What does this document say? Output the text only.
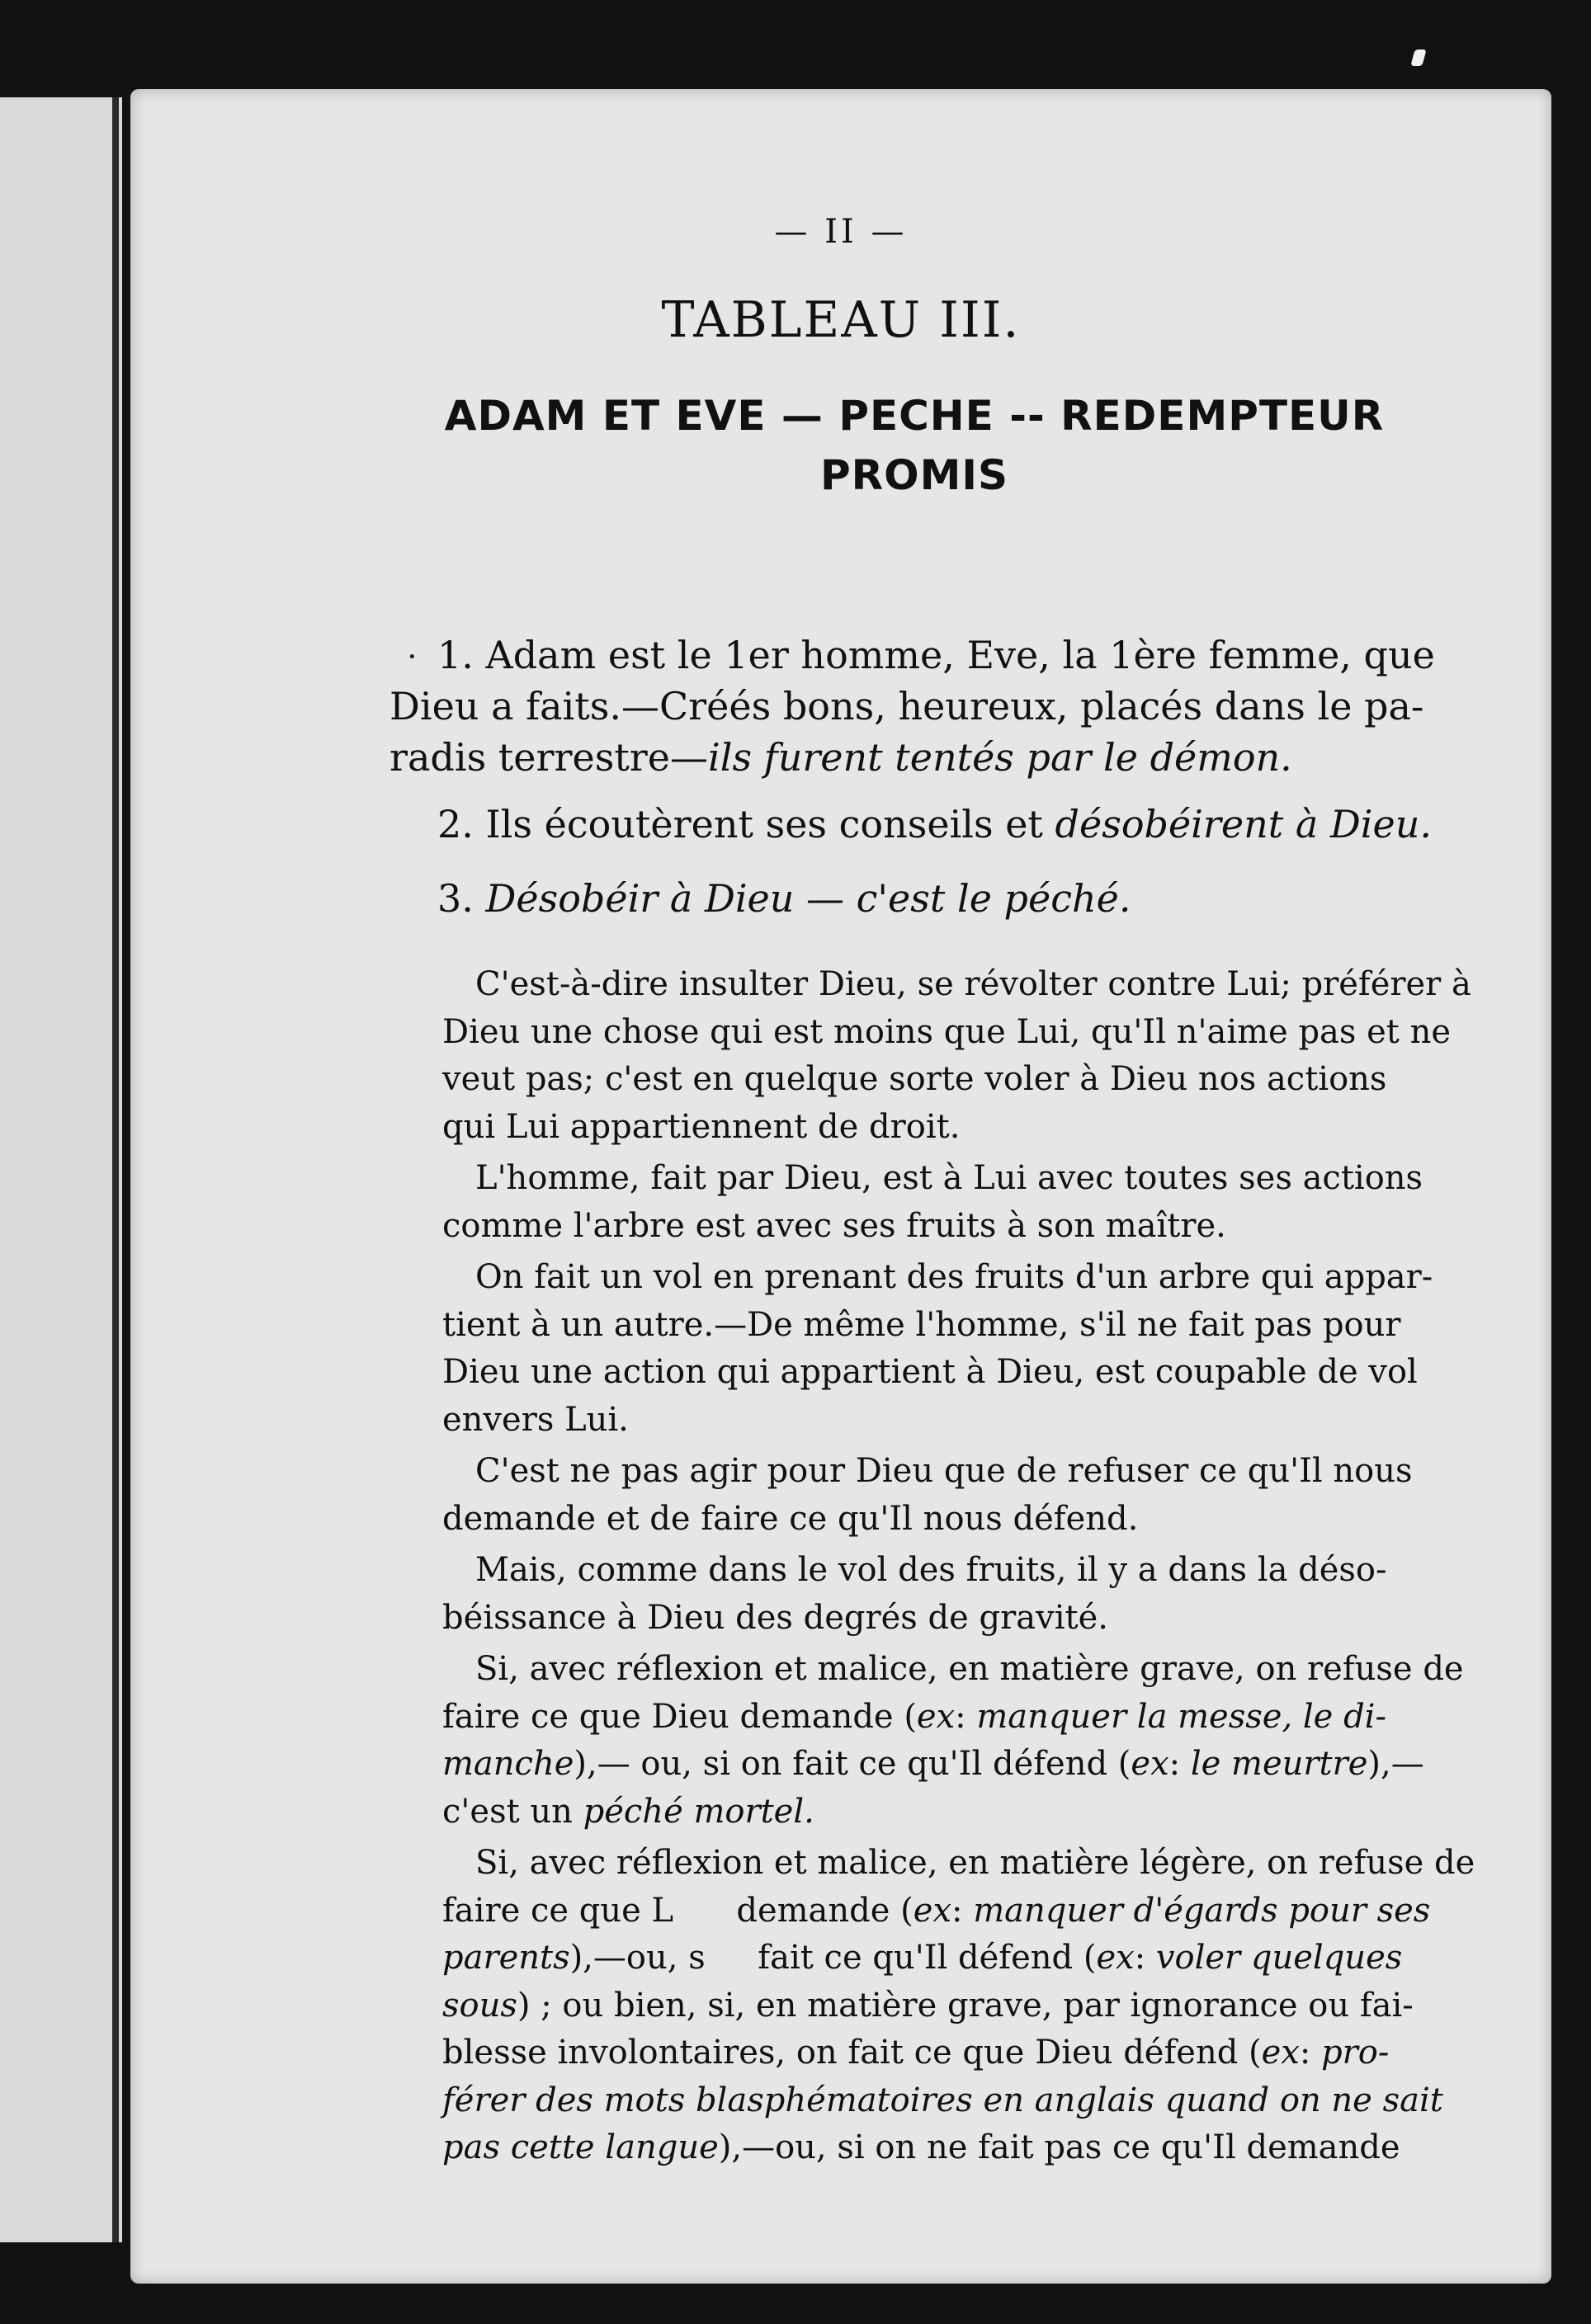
— II —
TABLEAU III.
ADAM ET EVE — PECHE -- REDEMPTEUR
PROMIS
• 1. Adam est le 1er homme, Eve, la 1ère femme, que
Dieu a faits.—Créés bons, heureux, placés dans le pa-
radis terrestre—ils furent tentés par le démon.
2. Ils écoutèrent ses conseils et désobéirent à Dieu.
3. Désobéir à Dieu — c'est le péché.
C'est-à-dire insulter Dieu, se révolter contre Lui; préférer à
Dieu une chose qui est moins que Lui, qu'Il n'aime pas et ne
veut pas; c'est en quelque sorte voler à Dieu nos actions
qui Lui appartiennent de droit.
L'homme, fait par Dieu, est à Lui avec toutes ses actions
comme l'arbre est avec ses fruits à son maître.
On fait un vol en prenant des fruits d'un arbre qui appar-
tient à un autre.—De même l'homme, s'il ne fait pas pour
Dieu une action qui appartient à Dieu, est coupable de vol
envers Lui.
C'est ne pas agir pour Dieu que de refuser ce qu'Il nous
demande et de faire ce qu'Il nous défend.
Mais, comme dans le vol des fruits, il y a dans la déso-
béissance à Dieu des degrés de gravité.
Si, avec réflexion et malice, en matière grave, on refuse de
faire ce que Dieu demande (ex: manquer la messe, le di-
manche),— ou, si on fait ce qu'Il défend (ex: le meurtre),—
c'est un péché mortel.
Si, avec réflexion et malice, en matière légère, on refuse de
faire ce que L      demande (ex: manquer d'égards pour ses
parents),—ou, s     fait ce qu'Il défend (ex: voler quelques
sous) ; ou bien, si, en matière grave, par ignorance ou fai-
blesse involontaires, on fait ce que Dieu défend (ex: pro-
férer des mots blasphématoires en anglais quand on ne sait
pas cette langue),—ou, si on ne fait pas ce qu'Il demande
